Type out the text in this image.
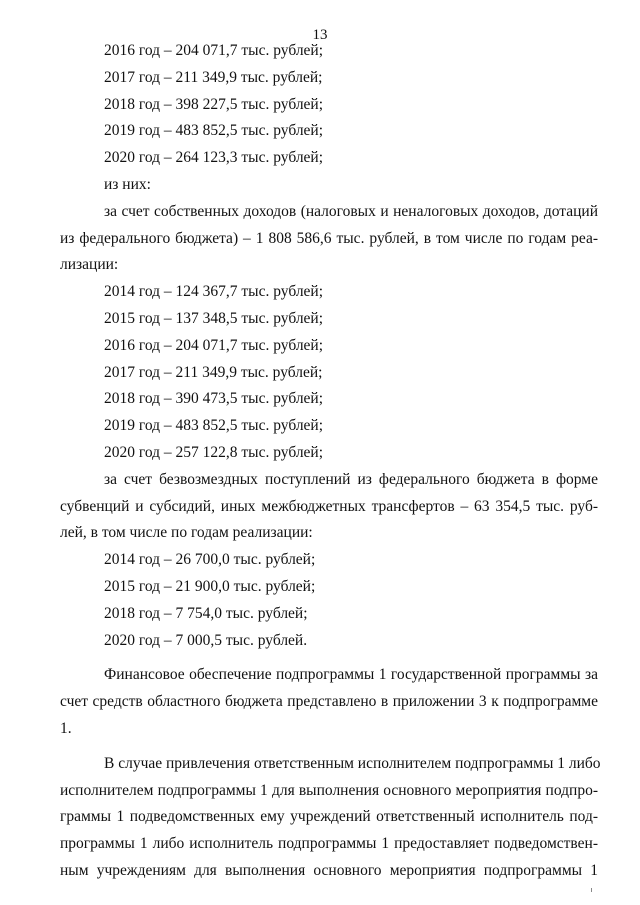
13
2016 год – 204 071,7 тыс. рублей;
2017 год – 211 349,9 тыс. рублей;
2018 год – 398 227,5 тыс. рублей;
2019 год – 483 852,5 тыс. рублей;
2020 год – 264 123,3 тыс. рублей;
из них:
за счет собственных доходов (налоговых и неналоговых доходов, дотаций
из федерального бюджета) – 1 808 586,6 тыс. рублей, в том числе по годам реа-
лизации:
2014 год – 124 367,7 тыс. рублей;
2015 год – 137 348,5 тыс. рублей;
2016 год – 204 071,7 тыс. рублей;
2017 год – 211 349,9 тыс. рублей;
2018 год – 390 473,5 тыс. рублей;
2019 год – 483 852,5 тыс. рублей;
2020 год – 257 122,8 тыс. рублей;
за счет безвозмездных поступлений из федерального бюджета в форме
субвенций и субсидий, иных межбюджетных трансфертов – 63 354,5 тыс. руб-
лей, в том числе по годам реализации:
2014 год – 26 700,0 тыс. рублей;
2015 год – 21 900,0 тыс. рублей;
2018 год – 7 754,0 тыс. рублей;
2020 год – 7 000,5 тыс. рублей.
Финансовое обеспечение подпрограммы 1 государственной программы за
счет средств областного бюджета представлено в приложении 3 к подпрограмме
1.
В случае привлечения ответственным исполнителем подпрограммы 1 либо
исполнителем подпрограммы 1 для выполнения основного мероприятия подпро-
граммы 1 подведомственных ему учреждений ответственный исполнитель под-
программы 1 либо исполнитель подпрограммы 1 предоставляет подведомствен-
ным учреждениям для выполнения основного мероприятия подпрограммы 1
